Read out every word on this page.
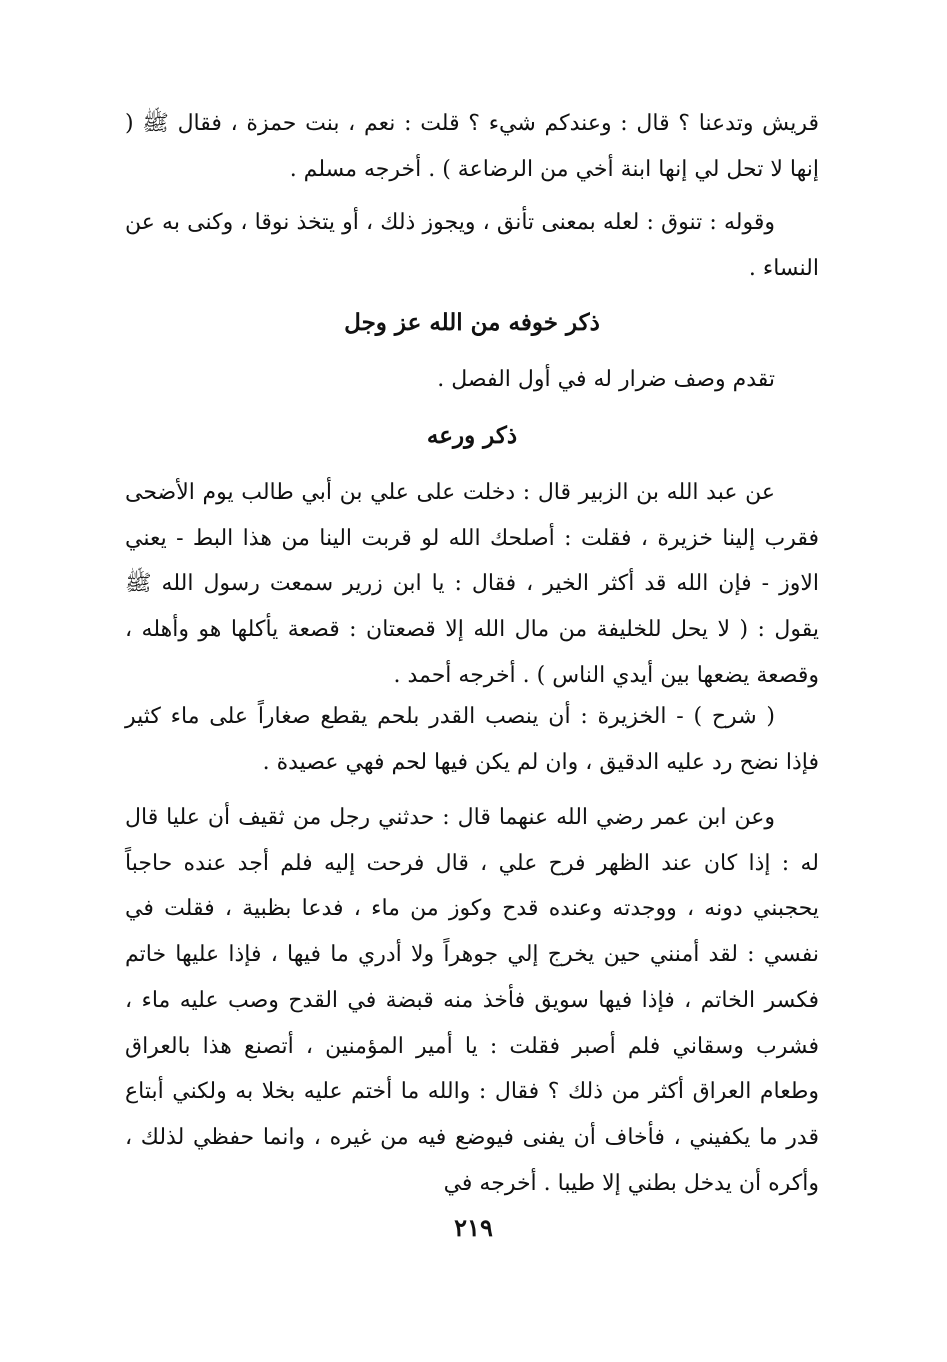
قريش وتدعنا ؟ قال : وعندكم شيء ؟ قلت : نعم ، بنت حمزة ، فقال ﷺ ( إنها لا تحل لي إنها ابنة أخي من الرضاعة ) . أخرجه مسلم .

وقوله : تنوق : لعله بمعنى تأنق ، ويجوز ذلك ، أو يتخذ نوقا ، وكنى به عن النساء .

ذكر خوفه من الله عز وجل

تقدم وصف ضرار له في أول الفصل .

ذكر ورعه

عن عبد الله بن الزبير قال : دخلت على علي بن أبي طالب يوم الأضحى فقرب إلينا خزيرة ، فقلت : أصلحك الله لو قربت الينا من هذا البط - يعني الاوز - فإن الله قد أكثر الخير ، فقال : يا ابن زرير سمعت رسول الله ﷺ يقول : ( لا يحل للخليفة من مال الله إلا قصعتان : قصعة يأكلها هو وأهله ، وقصعة يضعها بين أيدي الناس ) . أخرجه أحمد .

( شرح ) - الخزيرة : أن ينصب القدر بلحم يقطع صغاراً على ماء كثير فإذا نضح رد عليه الدقيق ، وان لم يكن فيها لحم فهي عصيدة .

وعن ابن عمر رضي الله عنهما قال : حدثني رجل من ثقيف أن عليا قال له : إذا كان عند الظهر فرح علي ، قال فرحت إليه فلم أجد عنده حاجباً يحجبني دونه ، ووجدته وعنده قدح وكوز من ماء ، فدعا بظبية ، فقلت في نفسي : لقد أمنني حين يخرج إلي جوهراً ولا أدري ما فيها ، فإذا عليها خاتم فكسر الخاتم ، فإذا فيها سويق فأخذ منه قبضة في القدح وصب عليه ماء ، فشرب وسقاني فلم أصبر فقلت : يا أمير المؤمنين ، أتصنع هذا بالعراق وطعام العراق أكثر من ذلك ؟ فقال : والله ما أختم عليه بخلا به ولكني أبتاع قدر ما يكفيني ، فأخاف أن يفنى فيوضع فيه من غيره ، وانما حفظي لذلك ، وأكره أن يدخل بطني إلا طيبا . أخرجه في

٢١٩
